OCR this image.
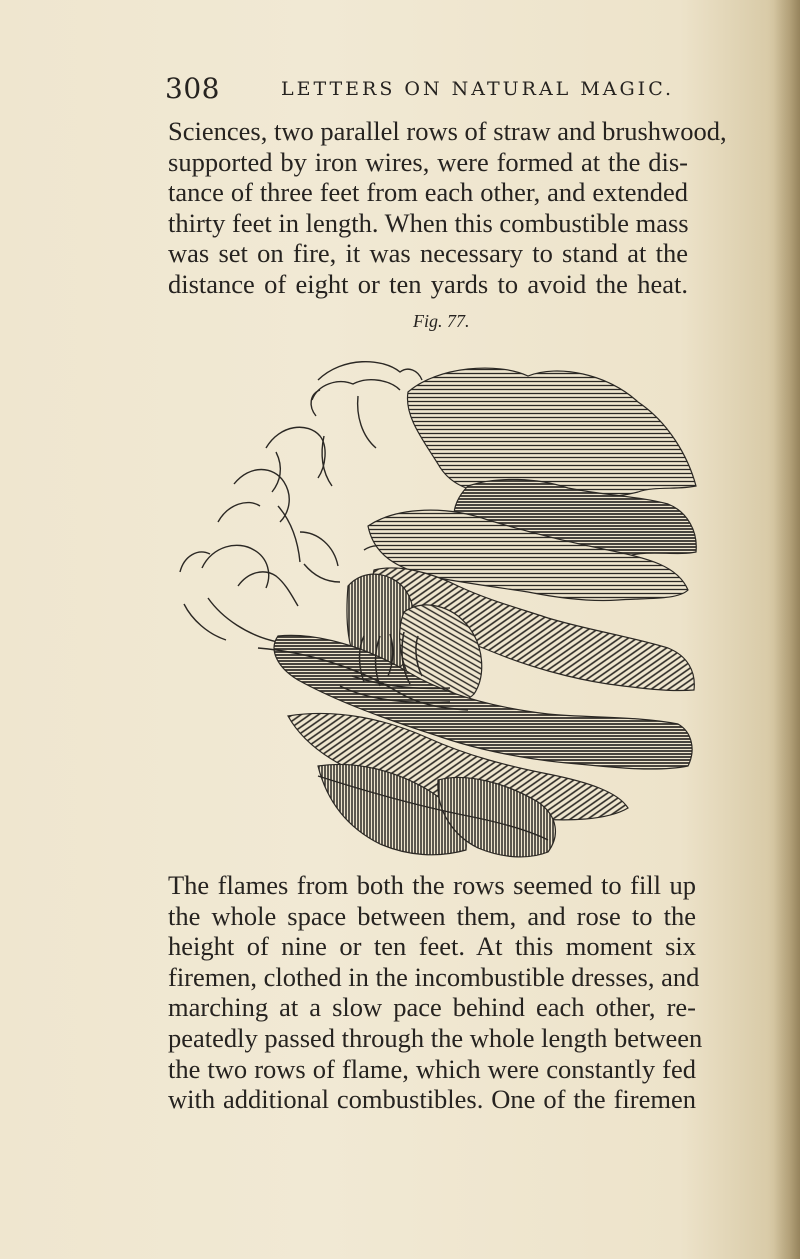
308	LETTERS ON NATURAL MAGIC.

Sciences, two parallel rows of straw and brushwood,
supported by iron wires, were formed at the dis-
tance of three feet from each other, and extended
thirty feet in length. When this combustible mass
was set on fire, it was necessary to stand at the
distance of eight or ten yards to avoid the heat.

Fig. 77.

The flames from both the rows seemed to fill up
the whole space between them, and rose to the
height of nine or ten feet. At this moment six
firemen, clothed in the incombustible dresses, and
marching at a slow pace behind each other, re-
peatedly passed through the whole length between
the two rows of flame, which were constantly fed
with additional combustibles. One of the firemen
